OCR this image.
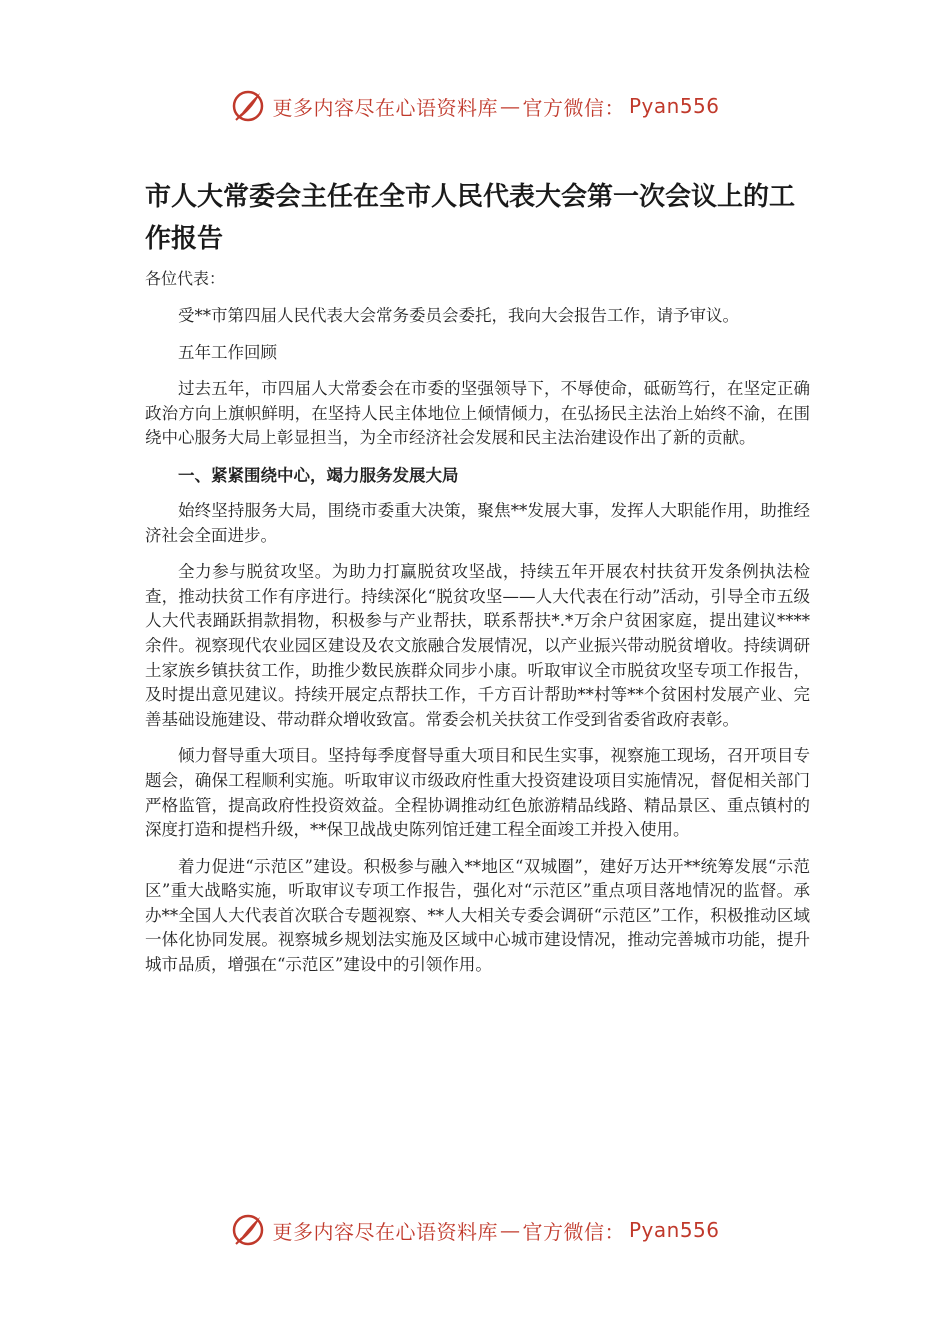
更多内容尽在心语资料库 — 官方微信： Pyan556
市人大常委会主任在全市人民代表大会第一次会议上的工作报告

各位代表：

受**市第四届人民代表大会常务委员会委托，我向大会报告工作，请予审议。

五年工作回顾

过去五年，市四届人大常委会在市委的坚强领导下，不辱使命，砥砺笃行，在坚定正确政治方向上旗帜鲜明，在坚持人民主体地位上倾情倾力，在弘扬民主法治上始终不渝，在围绕中心服务大局上彰显担当，为全市经济社会发展和民主法治建设作出了新的贡献。

一、紧紧围绕中心，竭力服务发展大局

始终坚持服务大局，围绕市委重大决策，聚焦**发展大事，发挥人大职能作用，助推经济社会全面进步。

全力参与脱贫攻坚。为助力打赢脱贫攻坚战，持续五年开展农村扶贫开发条例执法检查，推动扶贫工作有序进行。持续深化“脱贫攻坚——人大代表在行动”活动，引导全市五级人大代表踊跃捐款捐物，积极参与产业帮扶，联系帮扶*.*万余户贫困家庭，提出建议****余件。视察现代农业园区建设及农文旅融合发展情况，以产业振兴带动脱贫增收。持续调研土家族乡镇扶贫工作，助推少数民族群众同步小康。听取审议全市脱贫攻坚专项工作报告，及时提出意见建议。持续开展定点帮扶工作，千方百计帮助**村等**个贫困村发展产业、完善基础设施建设、带动群众增收致富。常委会机关扶贫工作受到省委省政府表彰。

倾力督导重大项目。坚持每季度督导重大项目和民生实事，视察施工现场，召开项目专题会，确保工程顺利实施。听取审议市级政府性重大投资建设项目实施情况，督促相关部门严格监管，提高政府性投资效益。全程协调推动红色旅游精品线路、精品景区、重点镇村的深度打造和提档升级，**保卫战战史陈列馆迁建工程全面竣工并投入使用。

着力促进“示范区”建设。积极参与融入**地区“双城圈”，建好万达开**统筹发展“示范区”重大战略实施，听取审议专项工作报告，强化对“示范区”重点项目落地情况的监督。承办**全国人大代表首次联合专题视察、**人大相关专委会调研“示范区”工作，积极推动区域一体化协同发展。视察城乡规划法实施及区域中心城市建设情况，推动完善城市功能，提升城市品质，增强在“示范区”建设中的引领作用。

更多内容尽在心语资料库 — 官方微信： Pyan556
